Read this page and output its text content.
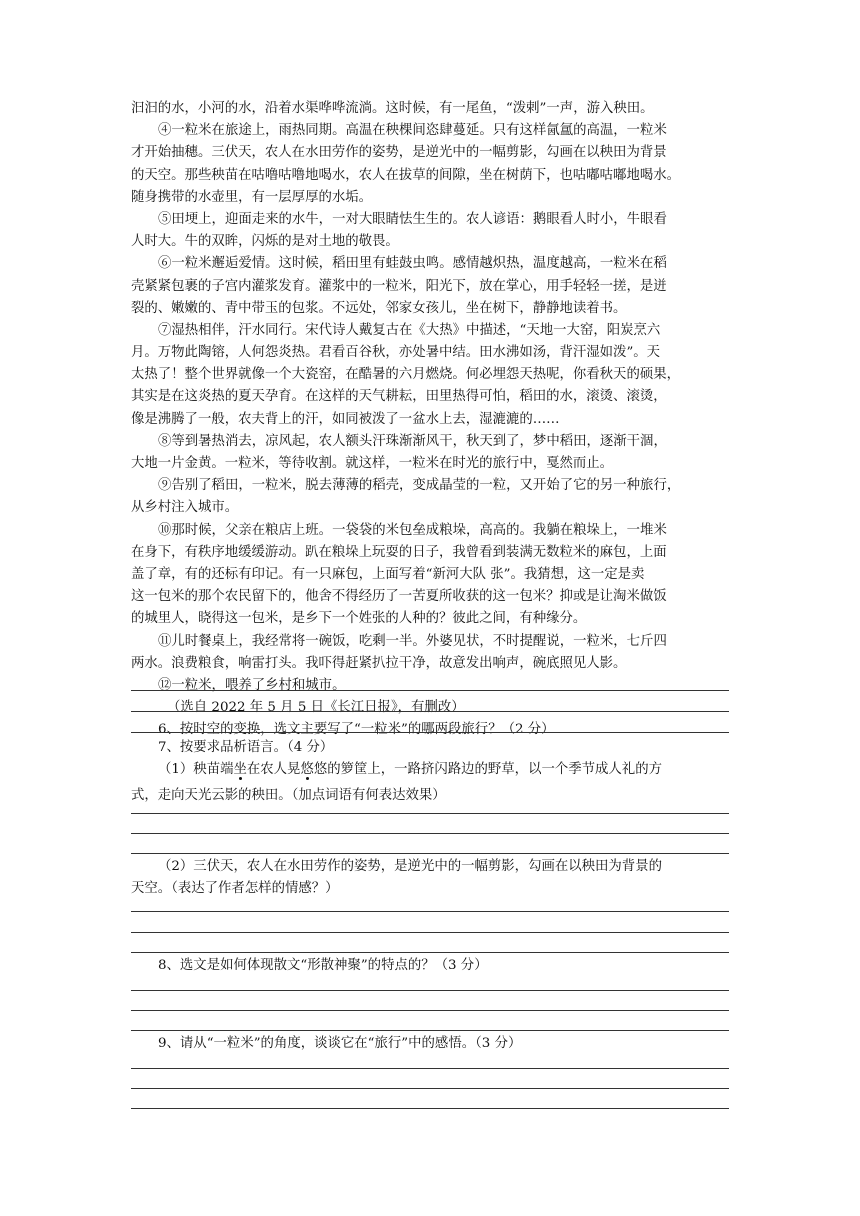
汩汩的水，小河的水，沿着水渠哗哗流淌。这时候，有一尾鱼，“泼剌”一声，游入秧田。
④一粒米在旅途上，雨热同期。高温在秧棵间恣肆蔓延。只有这样氤氲的高温，一粒米
才开始抽穗。三伏天，农人在水田劳作的姿势，是逆光中的一幅剪影，勾画在以秧田为背景
的天空。那些秧苗在咕噜咕噜地喝水，农人在拔草的间隙，坐在树荫下，也咕嘟咕嘟地喝水。
随身携带的水壶里，有一层厚厚的水垢。
⑤田埂上，迎面走来的水牛，一对大眼睛怯生生的。农人谚语：鹅眼看人时小，牛眼看
人时大。牛的双眸，闪烁的是对土地的敬畏。
⑥一粒米邂逅爱情。这时候，稻田里有蛙鼓虫鸣。感情越炽热，温度越高，一粒米在稻
壳紧紧包裹的子宫内灌浆发育。灌浆中的一粒米，阳光下，放在掌心，用手轻轻一搓，是迸
裂的、嫩嫩的、青中带玉的包浆。不远处，邻家女孩儿，坐在树下，静静地读着书。
⑦湿热相伴，汗水同行。宋代诗人戴复古在《大热》中描述，“天地一大窑，阳炭烹六
月。万物此陶镕，人何怨炎热。君看百谷秋，亦处暑中结。田水沸如汤，背汗湿如泼”。天
太热了！整个世界就像一个大瓷窑，在酷暑的六月燃烧。何必埋怨天热呢，你看秋天的硕果，
其实是在这炎热的夏天孕育。在这样的天气耕耘，田里热得可怕，稻田的水，滚烫、滚烫，
像是沸腾了一般，农夫背上的汗，如同被泼了一盆水上去，湿漉漉的……
⑧等到暑热消去，凉风起，农人额头汗珠渐渐风干，秋天到了，梦中稻田，逐渐干涸，
大地一片金黄。一粒米，等待收割。就这样，一粒米在时光的旅行中，戛然而止。
⑨告别了稻田，一粒米，脱去薄薄的稻壳，变成晶莹的一粒，又开始了它的另一种旅行，
从乡村注入城市。
⑩那时候，父亲在粮店上班。一袋袋的米包垒成粮垛，高高的。我躺在粮垛上，一堆米
在身下，有秩序地缓缓游动。趴在粮垛上玩耍的日子，我曾看到装满无数粒米的麻包，上面
盖了章，有的还标有印记。有一只麻包，上面写着“新河大队 张”。我猜想，这一定是卖
这一包米的那个农民留下的，他舍不得经历了一苦夏所收获的这一包米？抑或是让淘米做饭
的城里人，晓得这一包米，是乡下一个姓张的人种的？彼此之间，有种缘分。
⑪儿时餐桌上，我经常将一碗饭，吃剩一半。外婆见状，不时提醒说，一粒米，七斤四
两水。浪费粮食，响雷打头。我吓得赶紧扒拉干净，故意发出响声，碗底照见人影。
⑫一粒米，喂养了乡村和城市。
（选自 2022 年 5 月 5 日《长江日报》，有删改）
6、按时空的变换，选文主要写了“一粒米”的哪两段旅行？（2 分）
7、按要求品析语言。（4 分）
（1）秧苗端坐在农人晃悠悠的箩筐上，一路挤闪路边的野草，以一个季节成人礼的方
式，走向天光云影的秧田。（加点词语有何表达效果）
（2）三伏天，农人在水田劳作的姿势，是逆光中的一幅剪影，勾画在以秧田为背景的
天空。（表达了作者怎样的情感？）
8、选文是如何体现散文“形散神聚”的特点的？（3 分）
9、请从“一粒米”的角度，谈谈它在“旅行”中的感悟。（3 分）
